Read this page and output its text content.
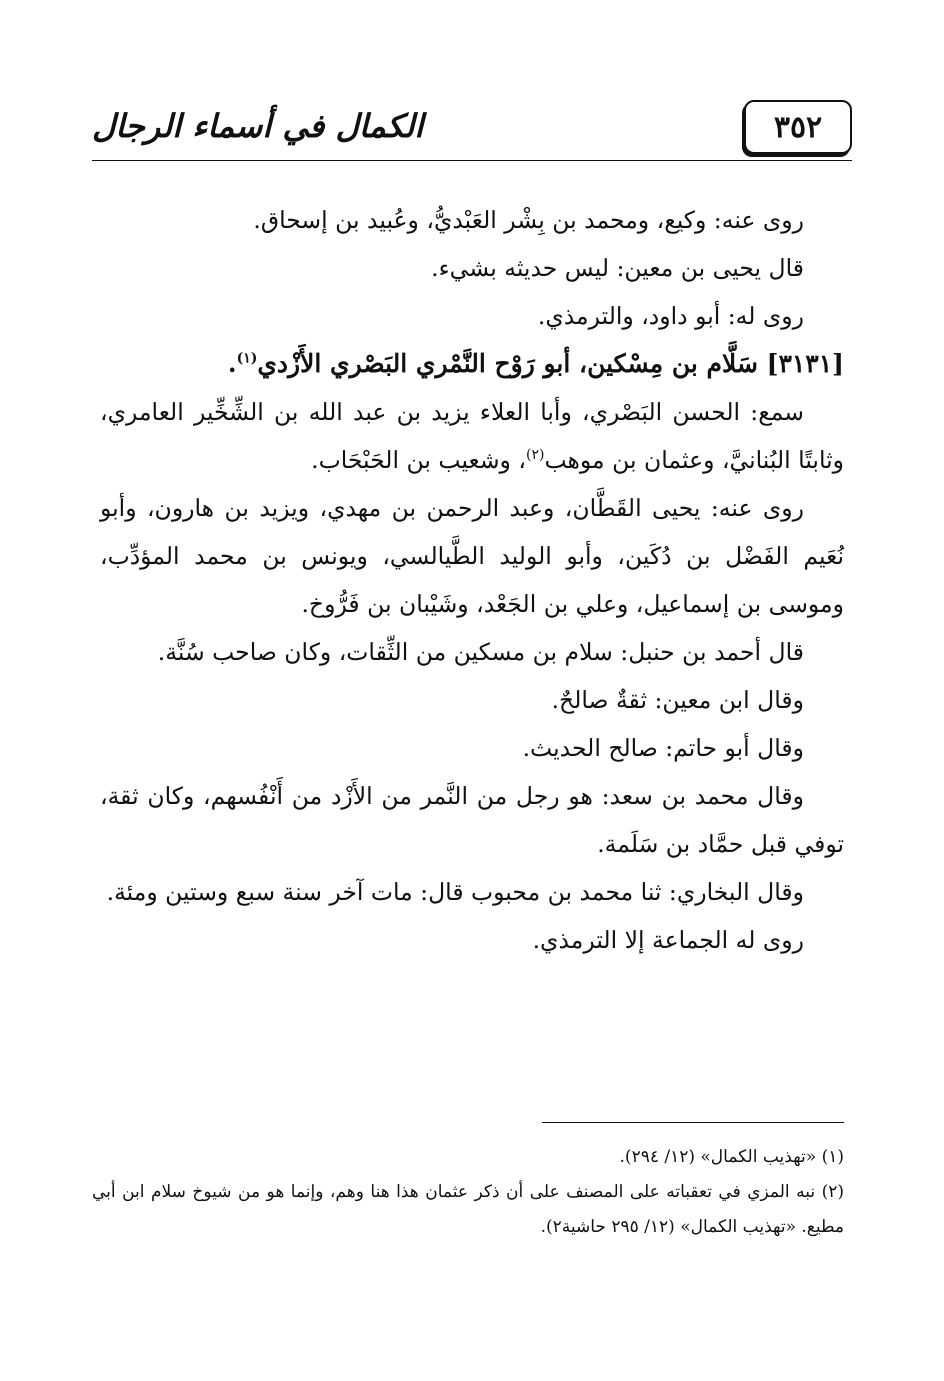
٣٥٢
الكمال في أسماء الرجال

روى عنه: وكيع، ومحمد بن بِشْر العَبْديُّ، وعُبيد بن إسحاق.

قال يحيى بن معين: ليس حديثه بشيء.

روى له: أبو داود، والترمذي.

[٣١٣١] سَلَّام بن مِسْكين، أبو رَوْح النَّمْري البَصْري الأَزْدي$^{(١)}$.

سمع: الحسن البَصْري، وأبا العلاء يزيد بن عبد الله بن الشِّخِّير العامري، وثابتًا البُنانيَّ، وعثمان بن موهب$^{(٢)}$، وشعيب بن الحَبْحَاب.

روى عنه: يحيى القَطَّان، وعبد الرحمن بن مهدي، ويزيد بن هارون، وأبو نُعَيم الفَضْل بن دُكَين، وأبو الوليد الطَّيالسي، ويونس بن محمد المؤدِّب، وموسى بن إسماعيل، وعلي بن الجَعْد، وشَيْبان بن فَرُّوخ.

قال أحمد بن حنبل: سلام بن مسكين من الثِّقات، وكان صاحب سُنَّة.

وقال ابن معين: ثقةٌ صالحٌ.

وقال أبو حاتم: صالح الحديث.

وقال محمد بن سعد: هو رجل من النَّمر من الأَزْد من أَنْفُسهم، وكان ثقة، توفي قبل حمَّاد بن سَلَمة.

وقال البخاري: ثنا محمد بن محبوب قال: مات آخر سنة سبع وستين ومئة.

روى له الجماعة إلا الترمذي.

(١) «تهذيب الكمال» (١٢/ ٢٩٤).

(٢) نبه المزي في تعقباته على المصنف على أن ذكر عثمان هذا هنا وهم، وإنما هو من شيوخ سلام ابن أبي مطيع. «تهذيب الكمال» (١٢/ ٢٩٥ حاشية٢).
